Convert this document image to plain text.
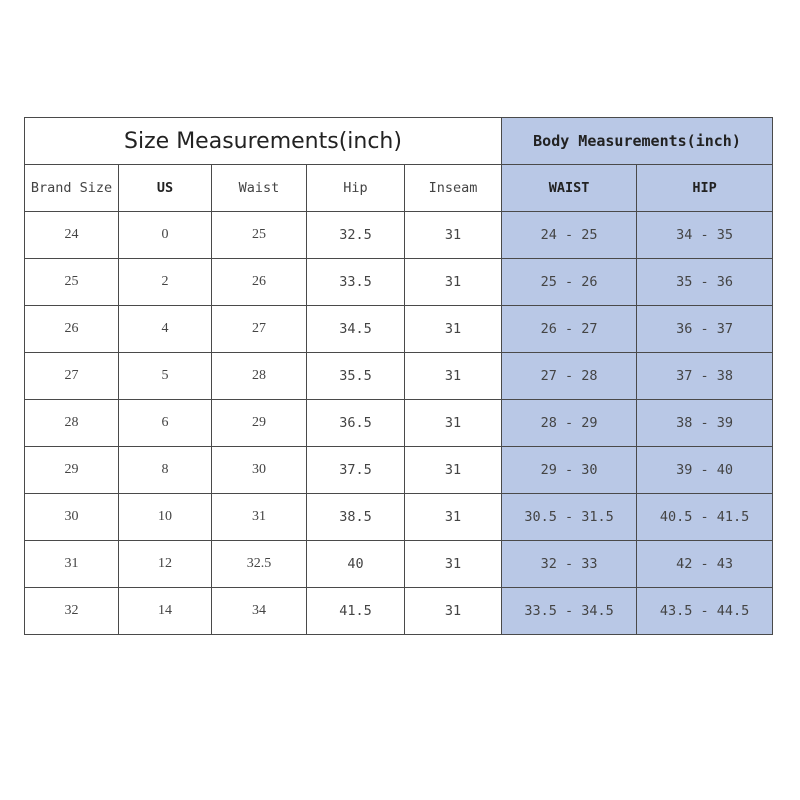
Size Measurements(inch)					Body Measurements(inch)	
Brand Size	US	Waist	Hip	Inseam	WAIST	HIP
24	0	25	32.5	31	24 - 25	34 - 35
25	2	26	33.5	31	25 - 26	35 - 36
26	4	27	34.5	31	26 - 27	36 - 37
27	5	28	35.5	31	27 - 28	37 - 38
28	6	29	36.5	31	28 - 29	38 - 39
29	8	30	37.5	31	29 - 30	39 - 40
30	10	31	38.5	31	30.5 - 31.5	40.5 - 41.5
31	12	32.5	40	31	32 - 33	42 - 43
32	14	34	41.5	31	33.5 - 34.5	43.5 - 44.5
